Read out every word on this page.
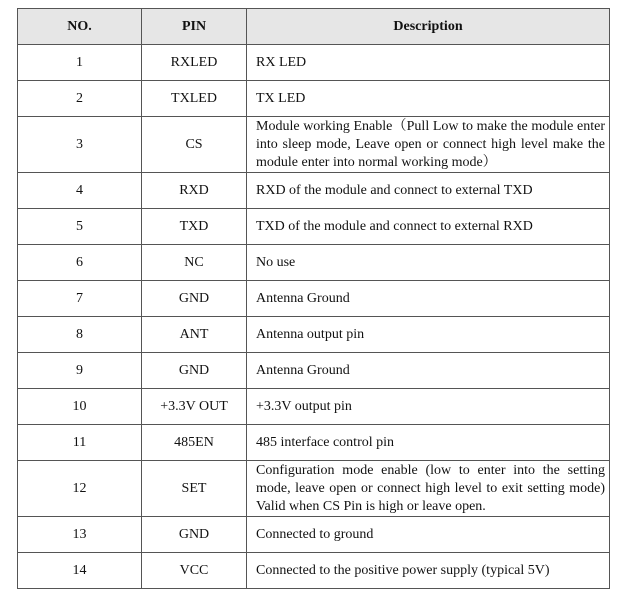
NO.	PIN	Description
1	RXLED	RX LED
2	TXLED	TX LED
3	CS	Module working Enable（Pull Low to make the module enter into sleep mode, Leave open or connect high level make the module enter into normal working mode）
4	RXD	RXD of the module and connect to external TXD
5	TXD	TXD of the module and connect to external RXD
6	NC	No use
7	GND	Antenna Ground
8	ANT	Antenna output pin
9	GND	Antenna Ground
10	+3.3V OUT	+3.3V output pin
11	485EN	485 interface control pin
12	SET	Configuration mode enable (low to enter into the setting mode, leave open or connect high level to exit setting mode) Valid when CS Pin is high or leave open.
13	GND	Connected to ground
14	VCC	Connected to the positive power supply (typical 5V)
